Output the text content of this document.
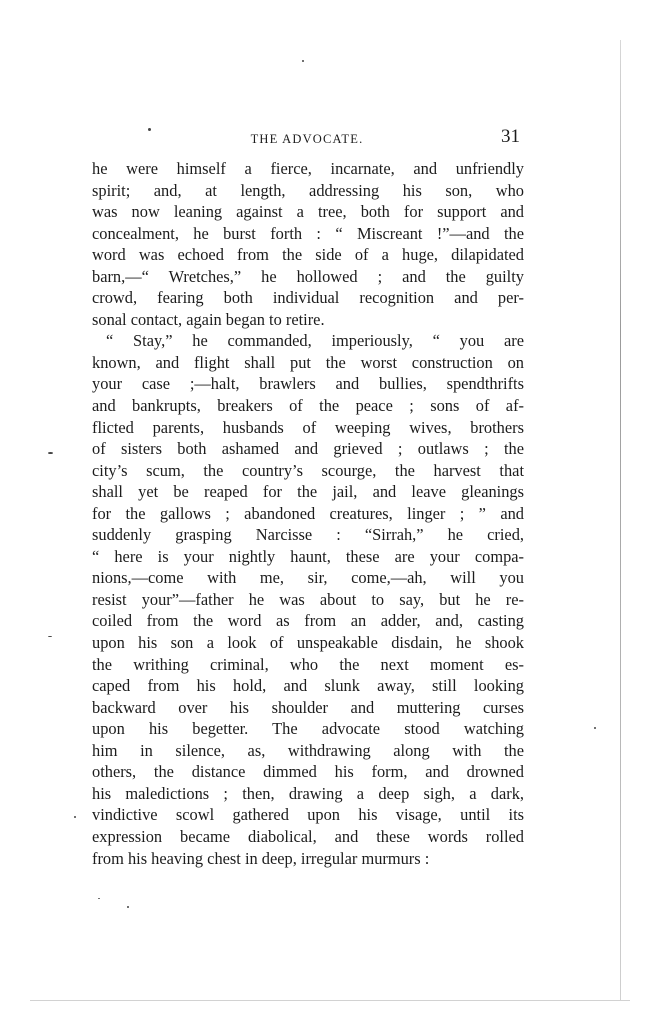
THE ADVOCATE.	31
he were himself a fierce, incarnate, and unfriendly
spirit; and, at length, addressing his son, who
was now leaning against a tree, both for support and
concealment, he burst forth : “ Miscreant !”—and the
word was echoed from the side of a huge, dilapidated
barn,—“ Wretches,” he hollowed ; and the guilty
crowd, fearing both individual recognition and per-
sonal contact, again began to retire.
“ Stay,” he commanded, imperiously, “ you are
known, and flight shall put the worst construction on
your case ;—halt, brawlers and bullies, spendthrifts
and bankrupts, breakers of the peace ; sons of af-
flicted parents, husbands of weeping wives, brothers
of sisters both ashamed and grieved ; outlaws ; the
city’s scum, the country’s scourge, the harvest that
shall yet be reaped for the jail, and leave gleanings
for the gallows ; abandoned creatures, linger ; ” and
suddenly grasping Narcisse : “Sirrah,” he cried,
“ here is your nightly haunt, these are your compa-
nions,—come with me, sir, come,—ah, will you
resist your”—father he was about to say, but he re-
coiled from the word as from an adder, and, casting
upon his son a look of unspeakable disdain, he shook
the writhing criminal, who the next moment es-
caped from his hold, and slunk away, still looking
backward over his shoulder and muttering curses
upon his begetter. The advocate stood watching
him in silence, as, withdrawing along with the
others, the distance dimmed his form, and drowned
his maledictions ; then, drawing a deep sigh, a dark,
vindictive scowl gathered upon his visage, until its
expression became diabolical, and these words rolled
from his heaving chest in deep, irregular murmurs :
